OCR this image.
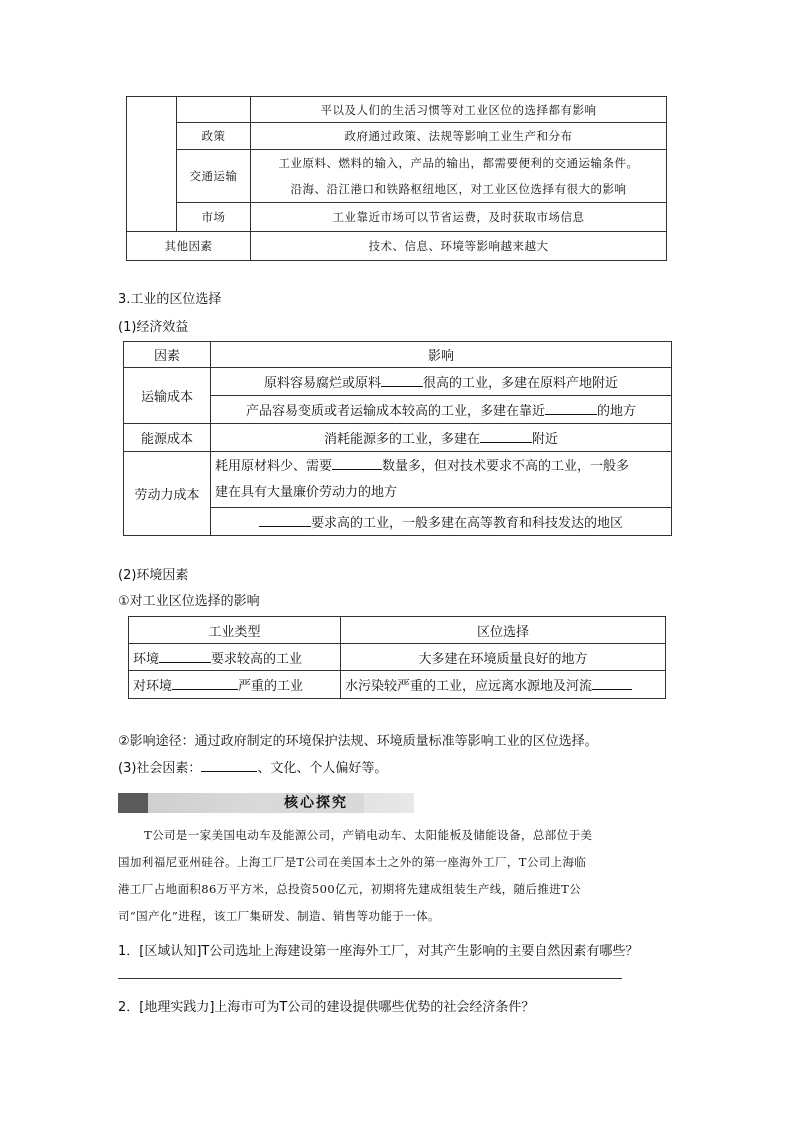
		平以及人们的生活习惯等对工业区位的选择都有影响
	政策	政府通过政策、法规等影响工业生产和分布
	交通运输	工业原料、燃料的输入，产品的输出，都需要便利的交通运输条件。
沿海、沿江港口和铁路枢纽地区，对工业区位选择有很大的影响

	市场	工业靠近市场可以节省运费，及时获取市场信息
其他因素		技术、信息、环境等影响越来越大
3.工业的区位选择
(1)经济效益
因素	影响
运输成本	原料容易腐烂或原料 很高的工业，多建在原料产地附近
	产品容易变质或者运输成本较高的工业，多建在靠近 的地方
能源成本	消耗能源多的工业，多建在 附近
劳动力成本	耗用原材料少、需要 数量多，但对技术要求不高的工业，一般多
建在具有大量廉价劳动力的地方

	要求高的工业，一般多建在高等教育和科技发达的地区
(2)环境因素
①对工业区位选择的影响
工业类型	区位选择
环境 要求较高的工业	大多建在环境质量良好的地方
对环境 严重的工业	水污染较严重的工业，应远离水源地及河流
②影响途径：通过政府制定的环境保护法规、环境质量标准等影响工业的区位选择。
(3)社会因素：	、文化、个人偏好等。
核心探究
T公司是一家美国电动车及能源公司，产销电动车、太阳能板及储能设备，总部位于美
国加利福尼亚州硅谷。上海工厂是T公司在美国本土之外的第一座海外工厂，T公司上海临
港工厂占地面积86万平方米，总投资500亿元，初期将先建成组装生产线，随后推进T公
司“国产化”进程，该工厂集研发、制造、销售等功能于一体。
1．[区域认知]T公司选址上海建设第一座海外工厂，对其产生影响的主要自然因素有哪些？
2．[地理实践力]上海市可为T公司的建设提供哪些优势的社会经济条件？
